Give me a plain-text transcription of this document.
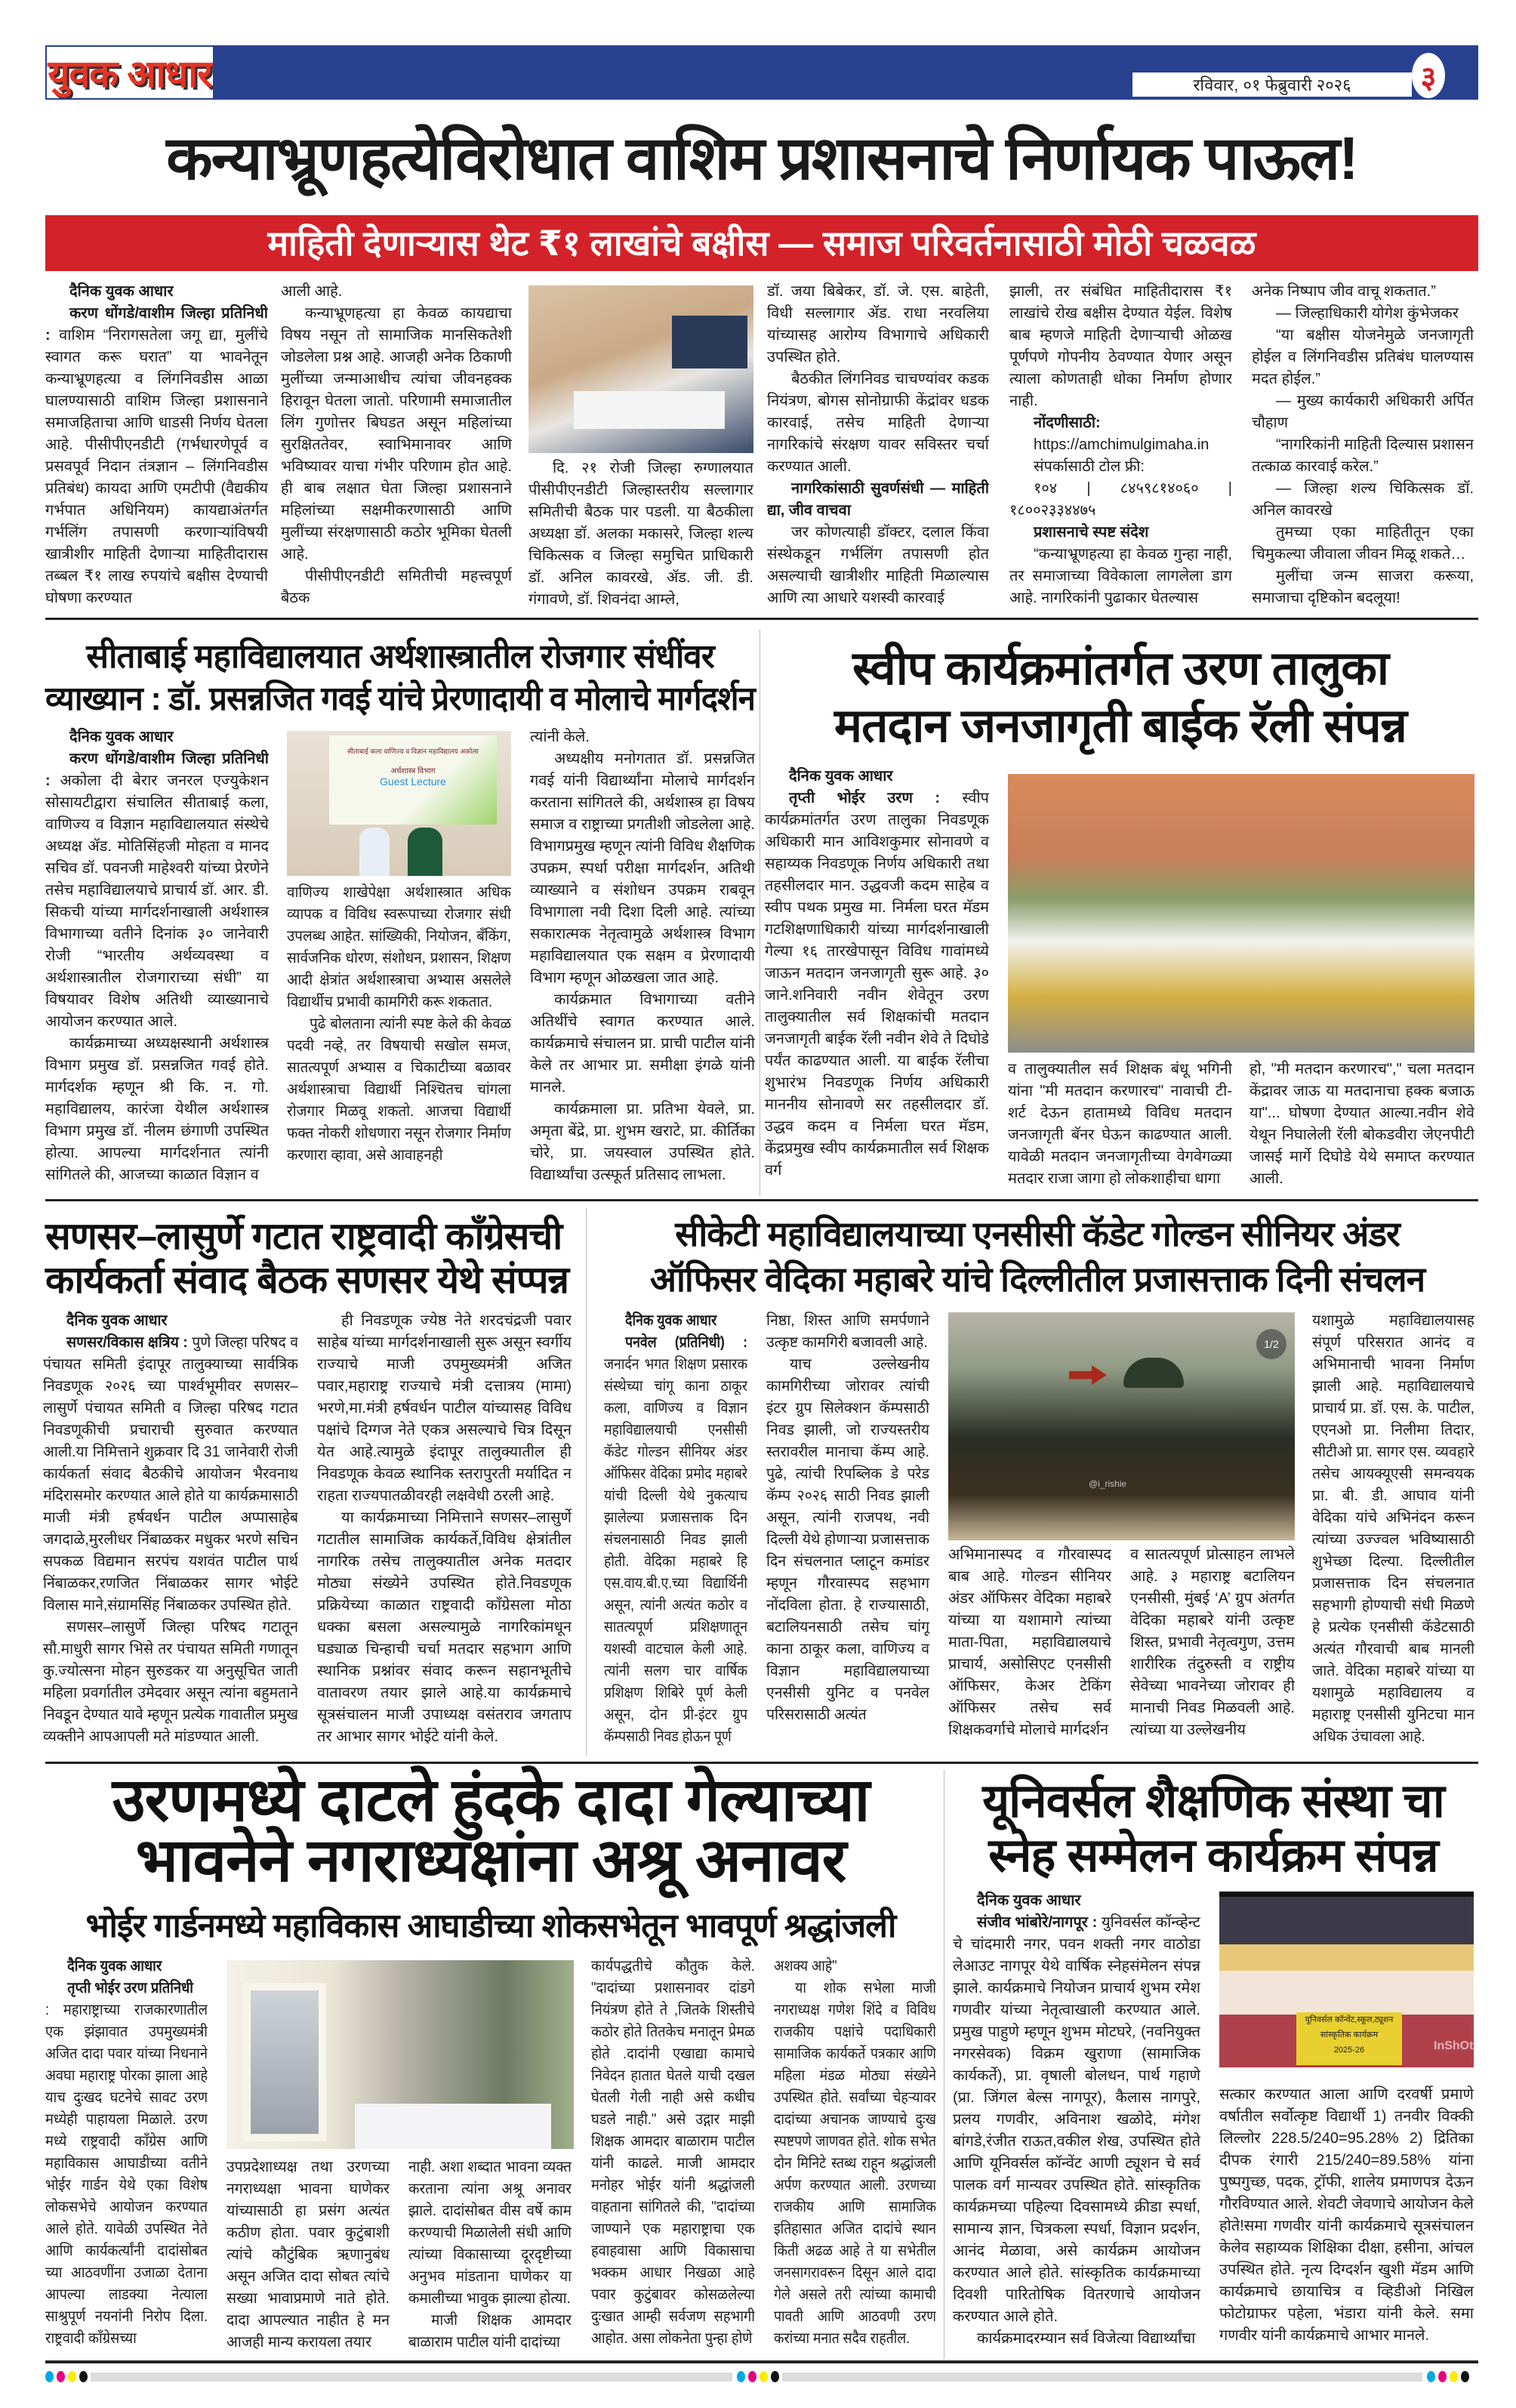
युवक आधार	रविवार, ०१ फेब्रुवारी २०२६	३
कन्याभ्रूणहत्येविरोधात वाशिम प्रशासनाचे निर्णायक पाऊल!
माहिती देणाऱ्यास थेट ₹१ लाखांचे बक्षीस — समाज परिवर्तनासाठी मोठी चळवळ

दैनिक युवक आधार

करण धोंगडे/वाशीम जिल्हा प्रतिनिधी : वाशिम “निरागसतेला जगू द्या, मुलींचे स्वागत करू घरात” या भावनेतून कन्याभ्रूणहत्या व लिंगनिवडीस आळा घालण्यासाठी वाशिम जिल्हा प्रशासनाने समाजहिताचा आणि धाडसी निर्णय घेतला आहे. पीसीपीएनडीटी (गर्भधारणेपूर्व व प्रसवपूर्व निदान तंत्रज्ञान – लिंगनिवडीस प्रतिबंध) कायदा आणि एमटीपी (वैद्यकीय गर्भपात अधिनियम) कायद्याअंतर्गत गर्भलिंग तपासणी करणाऱ्यांविषयी खात्रीशीर माहिती देणाऱ्या माहितीदारास तब्बल ₹१ लाख रुपयांचे बक्षीस देण्याची घोषणा करण्यात

आली आहे.

कन्याभ्रूणहत्या हा केवळ कायद्याचा विषय नसून तो सामाजिक मानसिकतेशी जोडलेला प्रश्न आहे. आजही अनेक ठिकाणी मुलींच्या जन्माआधीच त्यांचा जीवनहक्क हिरावून घेतला जातो. परिणामी समाजातील लिंग गुणोत्तर बिघडत असून महिलांच्या सुरक्षिततेवर, स्वाभिमानावर आणि भविष्यावर याचा गंभीर परिणाम होत आहे. ही बाब लक्षात घेता जिल्हा प्रशासनाने महिलांच्या सक्षमीकरणासाठी आणि मुलींच्या संरक्षणासाठी कठोर भूमिका घेतली आहे.

पीसीपीएनडीटी समितीची महत्त्वपूर्ण बैठक

दि. २१ रोजी जिल्हा रुग्णालयात पीसीपीएनडीटी जिल्हास्तरीय सल्लागार समितीची बैठक पार पडली. या बैठकीला अध्यक्षा डॉ. अलका मकासरे, जिल्हा शल्य चिकित्सक व जिल्हा समुचित प्राधिकारी डॉ. अनिल कावरखे, ॲड. जी. डी. गंगावणे, डॉ. शिवनंदा आम्ले,

डॉ. जया बिबेकर, डॉ. जे. एस. बाहेती, विधी सल्लागार ॲड. राधा नरवलिया यांच्यासह आरोग्य विभागाचे अधिकारी उपस्थित होते.

बैठकीत लिंगनिवड चाचण्यांवर कडक नियंत्रण, बोगस सोनोग्राफी केंद्रांवर धडक कारवाई, तसेच माहिती देणाऱ्या नागरिकांचे संरक्षण यावर सविस्तर चर्चा करण्यात आली.

नागरिकांसाठी सुवर्णसंधी — माहिती द्या, जीव वाचवा

जर कोणत्याही डॉक्टर, दलाल किंवा संस्थेकडून गर्भलिंग तपासणी होत असल्याची खात्रीशीर माहिती मिळाल्यास आणि त्या आधारे यशस्वी कारवाई

झाली, तर संबंधित माहितीदारास ₹१ लाखांचे रोख बक्षीस देण्यात येईल. विशेष बाब म्हणजे माहिती देणाऱ्याची ओळख पूर्णपणे गोपनीय ठेवण्यात येणार असून त्याला कोणताही धोका निर्माण होणार नाही.

नोंदणीसाठी:

https://amchimulgimaha.in

संपर्कासाठी टोल फ्री:

१०४ | ८४५९८१४०६० | १८००२३३४४७५

प्रशासनाचे स्पष्ट संदेश

“कन्याभ्रूणहत्या हा केवळ गुन्हा नाही, तर समाजाच्या विवेकाला लागलेला डाग आहे. नागरिकांनी पुढाकार घेतल्यास

अनेक निष्पाप जीव वाचू शकतात.”

— जिल्हाधिकारी योगेश कुंभेजकर

“या बक्षीस योजनेमुळे जनजागृती होईल व लिंगनिवडीस प्रतिबंध घालण्यास मदत होईल.”

— मुख्य कार्यकारी अधिकारी अर्पित चौहाण

“नागरिकांनी माहिती दिल्यास प्रशासन तत्काळ कारवाई करेल.”

— जिल्हा शल्य चिकित्सक डॉ. अनिल कावरखे

तुमच्या एका माहितीतून एका चिमुकल्या जीवाला जीवन मिळू शकते…

मुलींचा जन्म साजरा करूया, समाजाचा दृष्टिकोन बदलूया!

सीताबाई महाविद्यालयात अर्थशास्त्रातील रोजगार संधींवर
व्याख्यान : डॉ. प्रसन्नजित गवई यांचे प्रेरणादायी व मोलाचे मार्गदर्शन

दैनिक युवक आधार

करण धोंगडे/वाशीम जिल्हा प्रतिनिधी : अकोला दी बेरार जनरल एज्युकेशन सोसायटीद्वारा संचालित सीताबाई कला, वाणिज्य व विज्ञान महाविद्यालयात संस्थेचे अध्यक्ष ॲड. मोतिसिंहजी मोहता व मानद सचिव डॉ. पवनजी माहेश्वरी यांच्या प्रेरणेने तसेच महाविद्यालयाचे प्राचार्य डॉ. आर. डी. सिकची यांच्या मार्गदर्शनाखाली अर्थशास्त्र विभागाच्या वतीने दिनांक ३० जानेवारी रोजी “भारतीय अर्थव्यवस्था व अर्थशास्त्रातील रोजगाराच्या संधी” या विषयावर विशेष अतिथी व्याख्यानाचे आयोजन करण्यात आले.

कार्यक्रमाच्या अध्यक्षस्थानी अर्थशास्त्र विभाग प्रमुख डॉ. प्रसन्नजित गवई होते. मार्गदर्शक म्हणून श्री कि. न. गो. महाविद्यालय, कारंजा येथील अर्थशास्त्र विभाग प्रमुख डॉ. नीलम छंगाणी उपस्थित होत्या. आपल्या मार्गदर्शनात त्यांनी सांगितले की, आजच्या काळात विज्ञान व

सीताबाई कला वाणिज्य व विज्ञान महाविद्यालय अकोला
अर्थशास्त्र विभाग
Guest Lecture

वाणिज्य शाखेपेक्षा अर्थशास्त्रात अधिक व्यापक व विविध स्वरूपाच्या रोजगार संधी उपलब्ध आहेत. सांख्यिकी, नियोजन, बँकिंग, सार्वजनिक धोरण, संशोधन, प्रशासन, शिक्षण आदी क्षेत्रांत अर्थशास्त्राचा अभ्यास असलेले विद्यार्थीच प्रभावी कामगिरी करू शकतात.

पुढे बोलताना त्यांनी स्पष्ट केले की केवळ पदवी नव्हे, तर विषयाची सखोल समज, सातत्यपूर्ण अभ्यास व चिकाटीच्या बळावर अर्थशास्त्राचा विद्यार्थी निश्चितच चांगला रोजगार मिळवू शकतो. आजचा विद्यार्थी फक्त नोकरी शोधणारा नसून रोजगार निर्माण करणारा व्हावा, असे आवाहनही

त्यांनी केले.

अध्यक्षीय मनोगतात डॉ. प्रसन्नजित गवई यांनी विद्यार्थ्यांना मोलाचे मार्गदर्शन करताना सांगितले की, अर्थशास्त्र हा विषय समाज व राष्ट्राच्या प्रगतीशी जोडलेला आहे. विभागप्रमुख म्हणून त्यांनी विविध शैक्षणिक उपक्रम, स्पर्धा परीक्षा मार्गदर्शन, अतिथी व्याख्याने व संशोधन उपक्रम राबवून विभागाला नवी दिशा दिली आहे. त्यांच्या सकारात्मक नेतृत्वामुळे अर्थशास्त्र विभाग महाविद्यालयात एक सक्षम व प्रेरणादायी विभाग म्हणून ओळखला जात आहे.

कार्यक्रमात विभागाच्या वतीने अतिथींचे स्वागत करण्यात आले. कार्यक्रमाचे संचालन प्रा. प्राची पाटील यांनी केले तर आभार प्रा. समीक्षा इंगळे यांनी मानले.

कार्यक्रमाला प्रा. प्रतिभा येवले, प्रा. अमृता बेंद्रे, प्रा. शुभम खराटे, प्रा. कीर्तिका चोरे, प्रा. जयस्वाल उपस्थित होते. विद्यार्थ्यांचा उत्स्फूर्त प्रतिसाद लाभला.

स्वीप कार्यक्रमांतर्गत उरण तालुका
मतदान जनजागृती बाईक रॅली संपन्न

दैनिक युवक आधार

तृप्ती भोईर उरण : स्वीप कार्यक्रमांतर्गत उरण तालुका निवडणूक अधिकारी मान आविशकुमार सोनावणे व सहाय्यक निवडणूक निर्णय अधिकारी तथा तहसीलदार मान. उद्धवजी कदम साहेब व स्वीप पथक प्रमुख मा. निर्मला घरत मॅडम गटशिक्षणाधिकारी यांच्या मार्गदर्शनाखाली गेल्या १६ तारखेपासून विविध गावांमध्ये जाऊन मतदान जनजागृती सुरू आहे. ३० जाने.शनिवारी नवीन शेवेतून उरण तालुक्यातील सर्व शिक्षकांची मतदान जनजागृती बाईक रॅली नवीन शेवे ते दिघोडे पर्यंत काढण्यात आली. या बाईक रॅलीचा शुभारंभ निवडणूक निर्णय अधिकारी माननीय सोनावणे सर तहसीलदार डॉ. उद्धव कदम व निर्मला घरत मॅडम, केंद्रप्रमुख स्वीप कार्यक्रमातील सर्व शिक्षक वर्ग

व तालुक्यातील सर्व शिक्षक बंधू भगिनी यांना "मी मतदान करणारच" नावाची टी-शर्ट देऊन हातामध्ये विविध मतदान जनजागृती बॅनर घेऊन काढण्यात आली. यावेळी मतदान जनजागृतीच्या वेगवेगळ्या मतदार राजा जागा हो लोकशाहीचा धागा

हो, "मी मतदान करणारच"," चला मतदान केंद्रावर जाऊ या मतदानाचा हक्क बजाऊ या"... घोषणा देण्यात आल्या.नवीन शेवे येथून निघालेली रॅली बोकडवीरा जेएनपीटी जासई मार्गे दिघोडे येथे समाप्त करण्यात आली.

सणसर–लासुर्णे गटात राष्ट्रवादी काँग्रेसची
कार्यकर्ता संवाद बैठक सणसर येथे संप्पन्न

दैनिक युवक आधार

सणसर/विकास क्षत्रिय : पुणे जिल्हा परिषद व पंचायत समिती इंदापूर तालुक्याच्या सार्वत्रिक निवडणूक २०२६ च्या पार्श्वभूमीवर सणसर–लासुर्णे पंचायत समिती व जिल्हा परिषद गटात निवडणूकीची प्रचाराची सुरुवात करण्यात आली.या निमित्ताने शुक्रवार दि 31 जानेवारी रोजी कार्यकर्ता संवाद बैठकीचे आयोजन भैरवनाथ मंदिरासमोर करण्यात आले होते या कार्यक्रमासाठी माजी मंत्री हर्षवर्धन पाटील अप्पासाहेब जगदाळे,मुरलीधर निंबाळकर मधुकर भरणे सचिन सपकळ विद्यमान सरपंच यशवंत पाटील पार्थ निंबाळकर,रणजित निंबाळकर सागर भोईटे विलास माने,संग्रामसिंह निंबाळकर उपस्थित होते.

सणसर–लासुर्णे जिल्हा परिषद गटातून सौ.माधुरी सागर भिसे तर पंचायत समिती गणातून कु.ज्योत्सना मोहन सुरुडकर या अनुसूचित जाती महिला प्रवर्गातील उमेदवार असून त्यांना बहुमताने निवडून देण्यात यावे म्हणून प्रत्येक गावातील प्रमुख व्यक्तीने आपआपली मते मांडण्यात आली.

ही निवडणूक ज्येष्ठ नेते शरदचंद्रजी पवार साहेब यांच्या मार्गदर्शनाखाली सुरू असून स्वर्गीय राज्याचे माजी उपमुख्यमंत्री अजित पवार,महाराष्ट्र राज्याचे मंत्री दत्तात्रय (मामा) भरणे,मा.मंत्री हर्षवर्धन पाटील यांच्यासह विविध पक्षांचे दिग्गज नेते एकत्र असल्याचे चित्र दिसून येत आहे.त्यामुळे इंदापूर तालुक्यातील ही निवडणूक केवळ स्थानिक स्तरापुरती मर्यादित न राहता राज्यपातळीवरही लक्षवेधी ठरली आहे.

या कार्यक्रमाच्या निमित्ताने सणसर–लासुर्णे गटातील सामाजिक कार्यकर्ते,विविध क्षेत्रांतील नागरिक तसेच तालुक्यातील अनेक मतदार मोठ्या संख्येने उपस्थित होते.निवडणूक प्रक्रियेच्या काळात राष्ट्रवादी काँग्रेसला मोठा धक्का बसला असल्यामुळे नागरिकांमधून घड्याळ चिन्हाची चर्चा मतदार सहभाग आणि स्थानिक प्रश्नांवर संवाद करून सहानभूतीचे वातावरण तयार झाले आहे.या कार्यक्रमाचे सूत्रसंचालन माजी उपाध्यक्ष वसंतराव जगताप तर आभार सागर भोईटे यांनी केले.

सीकेटी महाविद्यालयाच्या एनसीसी कॅडेट गोल्डन सीनियर अंडर
ऑफिसर वेदिका महाबरे यांचे दिल्लीतील प्रजासत्ताक दिनी संचलन

दैनिक युवक आधार

पनवेल (प्रतिनिधी) : जनार्दन भगत शिक्षण प्रसारक संस्थेच्या चांगू काना ठाकूर कला, वाणिज्य व विज्ञान महाविद्यालयाची एनसीसी कॅडेट गोल्डन सीनियर अंडर ऑफिसर वेदिका प्रमोद महाबरे यांची दिल्ली येथे नुकत्याच झालेल्या प्रजासत्ताक दिन संचलनासाठी निवड झाली होती. वेदिका महाबरे हि एस.वाय.बी.ए.च्या विद्यार्थिनी असून, त्यांनी अत्यंत कठोर व सातत्यपूर्ण प्रशिक्षणातून यशस्वी वाटचाल केली आहे. त्यांनी सलग चार वार्षिक प्रशिक्षण शिबिरे पूर्ण केली असून, दोन प्री-इंटर ग्रुप कॅम्पसाठी निवड होऊन पूर्ण

निष्ठा, शिस्त आणि समर्पणाने उत्कृष्ट कामगिरी बजावली आहे.

याच उल्लेखनीय कामगिरीच्या जोरावर त्यांची इंटर ग्रुप सिलेक्शन कॅम्पसाठी निवड झाली, जो राज्यस्तरीय स्तरावरील मानाचा कॅम्प आहे. पुढे, त्यांची रिपब्लिक डे परेड कॅम्प २०२६ साठी निवड झाली असून, त्यांनी राजपथ, नवी दिल्ली येथे होणाऱ्या प्रजासत्ताक दिन संचलनात प्लाटून कमांडर म्हणून गौरवास्पद सहभाग नोंदविला होता. हे राज्यासाठी, बटालियनसाठी तसेच चांगू काना ठाकूर कला, वाणिज्य व विज्ञान महाविद्यालयाच्या एनसीसी युनिट व पनवेल परिसरासाठी अत्यंत

1/2
@i_rishie

अभिमानास्पद व गौरवास्पद बाब आहे. गोल्डन सीनियर अंडर ऑफिसर वेदिका महाबरे यांच्या या यशामागे त्यांच्या माता-पिता, महाविद्यालयाचे प्राचार्य, असोसिएट एनसीसी ऑफिसर, केअर टेकिंग ऑफिसर तसेच सर्व शिक्षकवर्गाचे मोलाचे मार्गदर्शन

व सातत्यपूर्ण प्रोत्साहन लाभले आहे. ३ महाराष्ट्र बटालियन एनसीसी, मुंबई ‘A’ ग्रुप अंतर्गत वेदिका महाबरे यांनी उत्कृष्ट शिस्त, प्रभावी नेतृत्वगुण, उत्तम शारीरिक तंदुरुस्ती व राष्ट्रीय सेवेच्या भावनेच्या जोरावर ही मानाची निवड मिळवली आहे. त्यांच्या या उल्लेखनीय

यशामुळे महाविद्यालयासह संपूर्ण परिसरात आनंद व अभिमानाची भावना निर्माण झाली आहे. महाविद्यालयाचे प्राचार्य प्रा. डॉ. एस. के. पाटील, एएनओ प्रा. निलीमा तिदार, सीटीओ प्रा. सागर एस. व्यवहारे तसेच आयक्यूएसी समन्वयक प्रा. बी. डी. आघाव यांनी वेदिका यांचे अभिनंदन करून त्यांच्या उज्ज्वल भविष्यासाठी शुभेच्छा दिल्या. दिल्लीतील प्रजासत्ताक दिन संचलनात सहभागी होण्याची संधी मिळणे हे प्रत्येक एनसीसी कॅडेटसाठी अत्यंत गौरवाची बाब मानली जाते. वेदिका महाबरे यांच्या या यशामुळे महाविद्यालय व महाराष्ट्र एनसीसी युनिटचा मान अधिक उंचावला आहे.

उरणमध्ये दाटले हुंदके दादा गेल्याच्या
भावनेने नगराध्यक्षांना अश्रू अनावर
भोईर गार्डनमध्ये महाविकास आघाडीच्या शोकसभेतून भावपूर्ण श्रद्धांजली

दैनिक युवक आधार

तृप्ती भोईर उरण प्रतिनिधी

: महाराष्ट्राच्या राजकारणातील एक झंझावात उपमुख्यमंत्री अजित दादा पवार यांच्या निधनाने अवघा महाराष्ट्र पोरका झाला आहे याच दुःखद घटनेचे सावट उरण मध्येही पाहायला मिळाले. उरण मध्ये राष्ट्रवादी काँग्रेस आणि महाविकास आघाडीच्या वतीने भोईर गार्डन येथे एका विशेष लोकसभेचे आयोजन करण्यात आले होते. यावेळी उपस्थित नेते आणि कार्यकर्त्यांनी दादांसोबत च्या आठवणींना उजाळा देताना आपल्या लाडक्या नेत्याला साश्रुपूर्ण नयनांनी निरोप दिला. राष्ट्रवादी काँग्रेसच्या

उपप्रदेशाध्यक्ष तथा उरणच्या नगराध्यक्षा भावना घाणेकर यांच्यासाठी हा प्रसंग अत्यंत कठीण होता. पवार कुटुंबाशी त्यांचे कौटुंबिक ऋणानुबंध असून अजित दादा सोबत त्यांचे सख्या भावाप्रमाणे नाते होते. दादा आपल्यात नाहीत हे मन आजही मान्य करायला तयार

नाही. अशा शब्दात भावना व्यक्त करताना त्यांना अश्रू अनावर झाले. दादांसोबत वीस वर्षे काम करण्याची मिळालेली संधी आणि त्यांच्या विकासाच्या दूरदृष्टीच्या अनुभव मांडताना घाणेकर या कमालीच्या भावुक झाल्या होत्या.

माजी शिक्षक आमदार बाळाराम पाटील यांनी दादांच्या

कार्यपद्धतीचे कौतुक केले. "दादांच्या प्रशासनावर दांडगे नियंत्रण होते ते ,जितके शिस्तीचे कठोर होते तितकेच मनातून प्रेमळ होते .दादांनी एखाद्या कामाचे निवेदन हातात घेतले याची दखल घेतली गेली नाही असे कधीच घडले नाही." असे उद्गार माझी शिक्षक आमदार बाळाराम पाटील यांनी काढले. माजी आमदार मनोहर भोईर यांनी श्रद्धांजली वाहताना सांगितले की, "दादांच्या जाण्याने एक महाराष्ट्राचा एक हवाहवासा आणि विकासाचा भक्कम आधार निखळा आहे पवार कुटुंबावर कोसळलेल्या दुःखात आम्ही सर्वजण सहभागी आहोत. असा लोकनेता पुन्हा होणे

अशक्य आहे"

या शोक सभेला माजी नगराध्यक्ष गणेश शिंदे व विविध राजकीय पक्षांचे पदाधिकारी सामाजिक कार्यकर्ते पत्रकार आणि महिला मंडळ मोठ्या संख्येने उपस्थित होते. सर्वांच्या चेहऱ्यावर दादांच्या अचानक जाण्याचे दुःख स्पष्टपणे जाणवत होते. शोक सभेत दोन मिनिटे स्तब्ध राहून श्रद्धांजली अर्पण करण्यात आली. उरणच्या राजकीय आणि सामाजिक इतिहासात अजित दादांचे स्थान किती अढळ आहे ते या सभेतील जनसागरावरून दिसून आले दादा गेले असले तरी त्यांच्या कामाची पावती आणि आठवणी उरण करांच्या मनात सदैव राहतील.

यूनिवर्सल शैक्षणिक संस्था चा
स्नेह सम्मेलन कार्यक्रम संपन्न

दैनिक युवक आधार

संजीव भांबोरे/नागपूर : युनिवर्सल कॉन्व्हेन्ट चे चांदमारी नगर, पवन शक्ती नगर वाठोडा लेआउट नागपूर येथे वार्षिक स्नेहसंमेलन संपन्न झाले. कार्यक्रमाचे नियोजन प्राचार्य शुभम रमेश गणवीर यांच्या नेतृत्वाखाली करण्यात आले. प्रमुख पाहुणे म्हणून शुभम मोटघरे, (नवनियुक्त नगरसेवक) विक्रम खुराणा (सामाजिक कार्यकर्ते), प्रा. वृषाली बोलधन, पार्थ गहाणे (प्रा. जिंगल बेल्स नागपूर), कैलास नागपुरे, प्रलय गणवीर, अविनाश खळोदे, मंगेश बांगडे,रंजीत राऊत,वकील शेख, उपस्थित होते आणि यूनिवर्सल कॉन्वेंट आणी ट्यूशन चे सर्व पालक वर्ग मान्यवर उपस्थित होते. सांस्कृतिक कार्यक्रमच्या पहिल्या दिवसामध्ये क्रीडा स्पर्धा, सामान्य ज्ञान, चित्रकला स्पर्धा, विज्ञान प्रदर्शन, आनंद मेळावा, असे कार्यक्रम आयोजन करण्यात आले होते. सांस्कृतिक कार्यक्रमाच्या दिवशी पारितोषिक वितरणाचे आयोजन करण्यात आले होते.

कार्यक्रमादरम्यान सर्व विजेत्या विद्यार्थ्यांचा

यूनिवर्सल कॉन्वेंट,स्कूल,ट्यूशन
सांस्कृतिक कार्यक्रम
2025-26	InShOt

सत्कार करण्यात आला आणि दरवर्षी प्रमाणे वर्षातील सर्वोत्कृष्ट विद्यार्थी 1) तनवीर विक्की लिल्लोर 228.5/240=95.28% 2) द्रितिका दीपक रंगारी 215/240=89.58% यांना पुष्पगुच्छ, पदक, ट्रॉफी, शालेय प्रमाणपत्र देऊन गौरविण्यात आले. शेवटी जेवणाचे आयोजन केले होते!समा गणवीर यांनी कार्यक्रमाचे सूत्रसंचालन केलेव सहाय्यक शिक्षिका दीक्षा, हसीना, आंचल उपस्थित होते. नृत्य दिग्दर्शन खुशी मॅडम आणि कार्यक्रमाचे छायाचित्र व व्हिडीओ निखिल फोटोग्राफर पहेला, भंडारा यांनी केले. समा गणवीर यांनी कार्यक्रमाचे आभार मानले.
